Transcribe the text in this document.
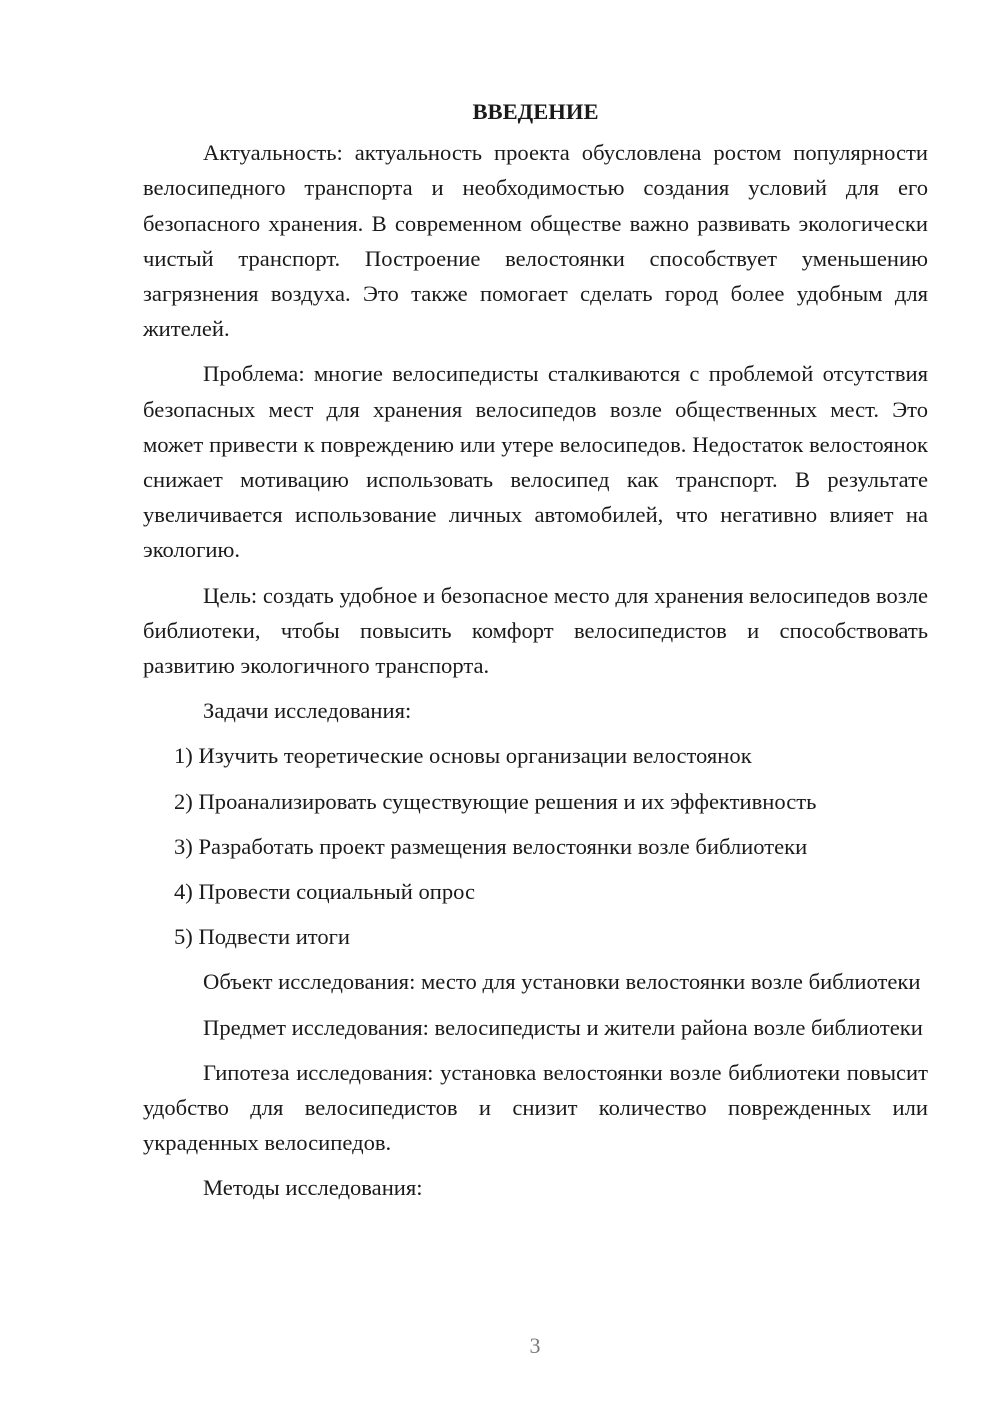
ВВЕДЕНИЕ

Актуальность: актуальность проекта обусловлена ростом популярности велосипедного транспорта и необходимостью создания условий для его безопасного хранения. В современном обществе важно развивать экологически чистый транспорт. Построение велостоянки способствует уменьшению загрязнения воздуха. Это также помогает сделать город более удобным для жителей.

Проблема: многие велосипедисты сталкиваются с проблемой отсутствия безопасных мест для хранения велосипедов возле общественных мест. Это может привести к повреждению или утере велосипедов. Недостаток велостоянок снижает мотивацию использовать велосипед как транспорт. В результате увеличивается использование личных автомобилей, что негативно влияет на экологию.

Цель: создать удобное и безопасное место для хранения велосипедов возле библиотеки, чтобы повысить комфорт велосипедистов и способствовать развитию экологичного транспорта.

Задачи исследования:
1) Изучить теоретические основы организации велостоянок
2) Проанализировать существующие решения и их эффективность
3) Разработать проект размещения велостоянки возле библиотеки
4) Провести социальный опрос
5) Подвести итоги

Объект исследования: место для установки велостоянки возле библиотеки

Предмет исследования: велосипедисты и жители района возле библиотеки

Гипотеза исследования: установка велостоянки возле библиотеки повысит удобство для велосипедистов и снизит количество поврежденных или украденных велосипедов.

Методы исследования:
3
